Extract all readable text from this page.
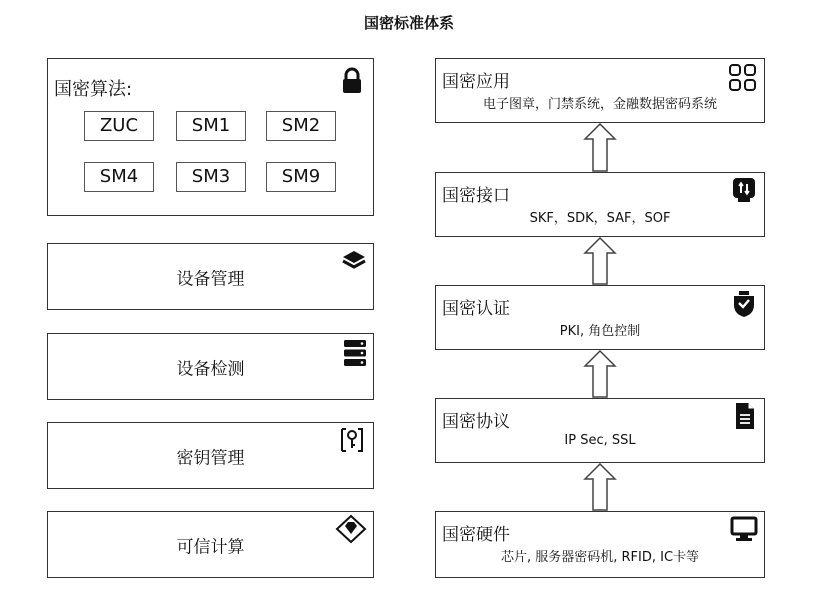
国密标准体系
国密算法:
ZUC	SM1	SM2
SM4	SM3	SM9
设备管理
设备检测
密钥管理
可信计算
国密应用
电子图章，门禁系统，金融数据密码系统
国密接口
SKF，SDK，SAF，SOF
国密认证
PKI, 角色控制
国密协议
IP Sec, SSL
国密硬件
芯片, 服务器密码机, RFID, IC卡等
